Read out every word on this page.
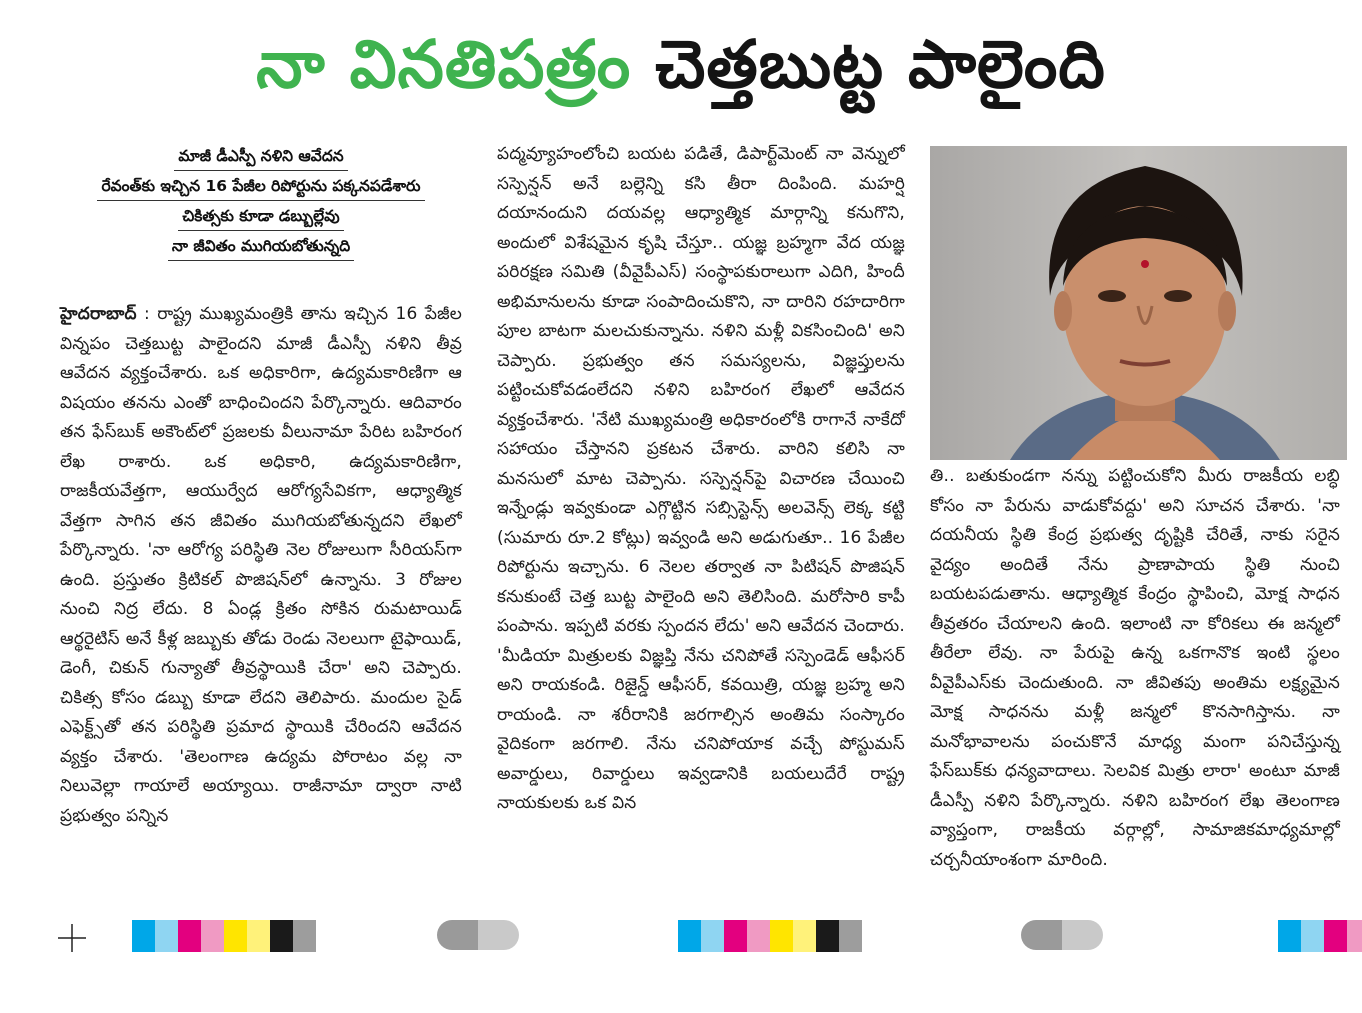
నా వినతిపత్రం చెత్తబుట్ట పాలైంది
మాజీ డీఎస్పీ నళిని ఆవేదన
రేవంత్‌కు ఇచ్చిన 16 పేజీల రిపోర్టును పక్కనపడేశారు
చికిత్సకు కూడా డబ్బుల్లేవు
నా జీవితం ముగియబోతున్నది
హైదరాబాద్‌ : రాష్ట్ర ముఖ్యమంత్రికి తాను ఇచ్చిన 16 పేజీల విన్నపం చెత్తబుట్ట పాలైందని మాజీ డీఎస్పీ నళిని తీవ్ర ఆవేదన వ్యక్తంచేశారు. ఒక అధికారిగా, ఉద్యమకారిణిగా ఆ విషయం తనను ఎంతో బాధించిందని పేర్కొన్నారు. ఆదివారం తన ఫేస్‌బుక్‌ అకౌంట్‌లో ప్రజలకు వీలునామా పేరిట బహిరంగ లేఖ రాశారు. ఒక అధికారి, ఉద్యమకారిణిగా, రాజకీయవేత్తగా, ఆయుర్వేద ఆరోగ్యసేవికగా, ఆధ్యాత్మిక వేత్తగా సాగిన తన జీవితం ముగియబోతున్నదని లేఖలో పేర్కొన్నారు. 'నా ఆరోగ్య పరిస్థితి నెల రోజులుగా సీరియస్‌గా ఉంది. ప్రస్తుతం క్రిటికల్‌ పొజిషన్‌లో ఉన్నాను. 3 రోజుల నుంచి నిద్ర లేదు. 8 ఏండ్ల క్రితం సోకిన రుమటాయిడ్‌ ఆర్థరైటిస్‌ అనే కీళ్ల జబ్బుకు తోడు రెండు నెలలుగా టైఫాయిడ్‌, డెంగీ, చికున్‌ గున్యాతో తీవ్రస్థాయికి చేరా' అని చెప్పారు. చికిత్స కోసం డబ్బు కూడా లేదని తెలిపారు. మందుల సైడ్‌ ఎఫెక్ట్స్‌తో తన పరిస్థితి ప్రమాద స్థాయికి చేరిందని ఆవేదన వ్యక్తం చేశారు. 'తెలంగాణ ఉద్యమ పోరాటం వల్ల నా నిలువెల్లా గాయాలే అయ్యాయి. రాజీనామా ద్వారా నాటి ప్రభుత్వం పన్నిన
పద్మవ్యూహంలోంచి బయట పడితే, డిపార్ట్‌మెంట్‌ నా వెన్నులో సస్పెన్షన్‌ అనే బల్లెన్ని కసి తీరా దింపింది. మహర్షి దయానందుని దయవల్ల ఆధ్యాత్మిక మార్గాన్ని కనుగొని, అందులో విశేషమైన కృషి చేస్తూ.. యజ్ఞ బ్రహ్మగా వేద యజ్ఞ పరిరక్షణ సమితి (వీవైపీఎస్‌) సంస్థాపకురాలుగా ఎదిగి, హిందీ అభిమానులను కూడా సంపాదించుకొని, నా దారిని రహదారిగా పూల బాటగా మలచుకున్నాను. నళిని మళ్లీ వికసించింది' అని చెప్పారు. ప్రభుత్వం తన సమస్యలను, విజ్ఞప్తులను పట్టించుకోవడంలేదని నళిని బహిరంగ లేఖలో ఆవేదన వ్యక్తంచేశారు. 'నేటి ముఖ్యమంత్రి అధికారంలోకి రాగానే నాకేదో సహాయం చేస్తానని ప్రకటన చేశారు. వారిని కలిసి నా మనసులో మాట చెప్పాను. సస్పెన్షన్‌పై విచారణ చేయించి ఇన్నేండ్లు ఇవ్వకుండా ఎగ్గొట్టిన సబ్సిస్టెన్స్‌ అలవెన్స్‌ లెక్క కట్టి (సుమారు రూ.2 కోట్లు) ఇవ్వండి అని అడుగుతూ.. 16 పేజీల రిపోర్టును ఇచ్చాను. 6 నెలల తర్వాత నా పిటిషన్‌ పొజిషన్‌ కనుకుంటే చెత్త బుట్ట పాలైంది అని తెలిసింది. మరోసారి కాపీ పంపాను. ఇప్పటి వరకు స్పందన లేదు' అని ఆవేదన చెందారు. 'మీడియా మిత్రులకు విజ్ఞప్తి నేను చనిపోతే సస్పెండెడ్‌ ఆఫీసర్‌ అని రాయకండి. రిజైన్డ్‌ ఆఫీసర్‌, కవయిత్రి, యజ్ఞ బ్రహ్మ అని రాయండి. నా శరీరానికి జరగాల్సిన అంతిమ సంస్కారం వైదికంగా జరగాలి. నేను చనిపోయాక వచ్చే పోస్టుమస్‌ అవార్డులు, రివార్డులు ఇవ్వడానికి బయలుదేరే రాష్ట్ర నాయకులకు ఒక విన
తి.. బతుకుండగా నన్ను పట్టించుకోని మీరు రాజకీయ లబ్ధి కోసం నా పేరును వాడుకోవద్దు' అని సూచన చేశారు. 'నా దయనీయ స్థితి కేంద్ర ప్రభుత్వ దృష్టికి చేరితే, నాకు సరైన వైద్యం అందితే నేను ప్రాణాపాయ స్థితి నుంచి బయటపడుతాను. ఆధ్యాత్మిక కేంద్రం స్థాపించి, మోక్ష సాధన తీవ్రతరం చేయాలని ఉంది. ఇలాంటి నా కోరికలు ఈ జన్మలో తీరేలా లేవు. నా పేరుపై ఉన్న ఒకగానొక ఇంటి స్థలం వీవైపీఎస్‌కు చెందుతుంది. నా జీవితపు అంతిమ లక్ష్యమైన మోక్ష సాధనను మళ్లీ జన్మలో కొనసాగిస్తాను. నా మనోభావాలను పంచుకొనే మాధ్య మంగా పనిచేస్తున్న ఫేస్‌బుక్‌కు ధన్యవాదాలు. సెలవిక మిత్రు లారా' అంటూ మాజీ డీఎస్పీ నళిని పేర్కొన్నారు. నళిని బహిరంగ లేఖ తెలంగాణ వ్యాప్తంగా, రాజకీయ వర్గాల్లో, సామాజికమాధ్యమాల్లో చర్చనీయాంశంగా మారింది.
